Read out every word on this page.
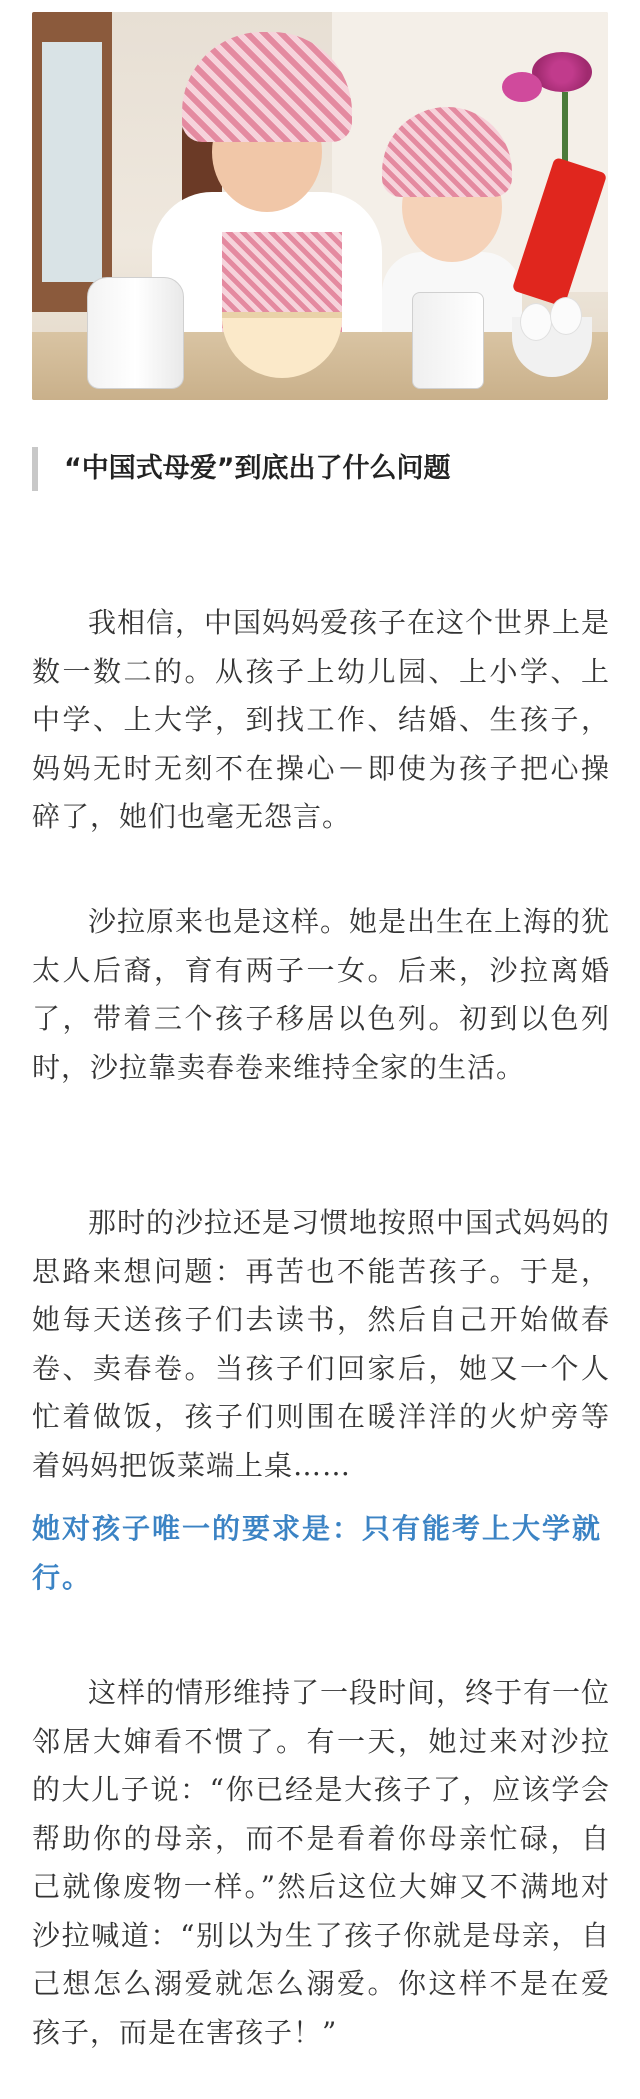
“中国式母爱”到底出了什么问题

我相信，中国妈妈爱孩子在这个世界上是数一数二的。从孩子上幼儿园、上小学、上中学、上大学，到找工作、结婚、生孩子，妈妈无时无刻不在操心－即使为孩子把心操碎了，她们也毫无怨言。

沙拉原来也是这样。她是出生在上海的犹太人后裔，育有两子一女。后来，沙拉离婚了，带着三个孩子移居以色列。初到以色列时，沙拉靠卖春卷来维持全家的生活。

那时的沙拉还是习惯地按照中国式妈妈的思路来想问题：再苦也不能苦孩子。于是，她每天送孩子们去读书，然后自己开始做春卷、卖春卷。当孩子们回家后，她又一个人忙着做饭，孩子们则围在暖洋洋的火炉旁等着妈妈把饭菜端上桌……

她对孩子唯一的要求是：只有能考上大学就行。

这样的情形维持了一段时间，终于有一位邻居大婶看不惯了。有一天，她过来对沙拉的大儿子说：“你已经是大孩子了，应该学会帮助你的母亲，而不是看着你母亲忙碌，自己就像废物一样。”然后这位大婶又不满地对沙拉喊道：“别以为生了孩子你就是母亲，自己想怎么溺爱就怎么溺爱。你这样不是在爱孩子，而是在害孩子！”
